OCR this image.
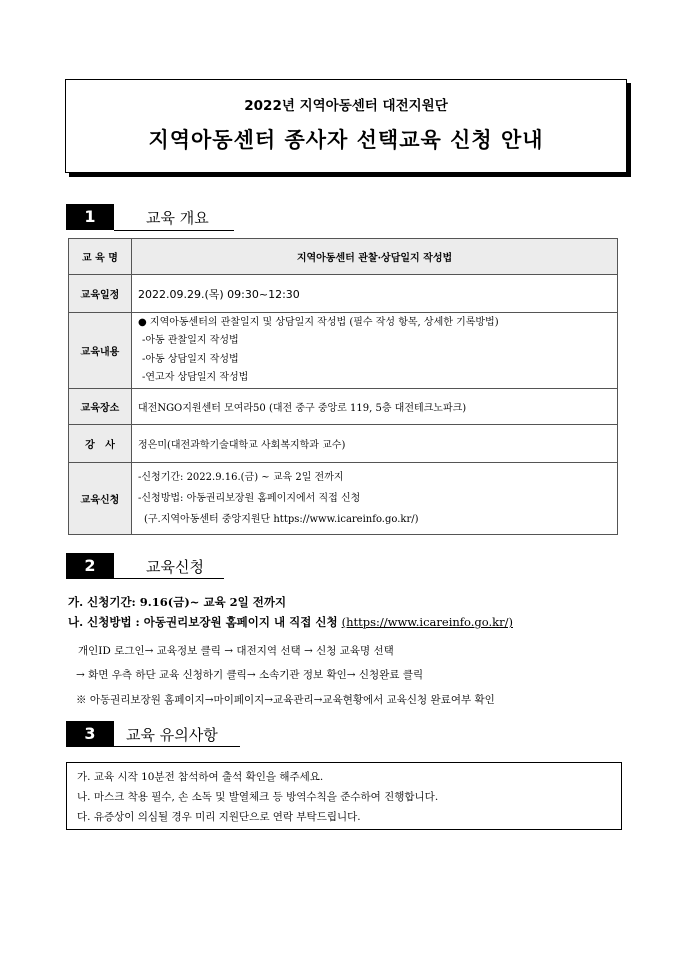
2022년 지역아동센터 대전지원단
지역아동센터 종사자 선택교육 신청 안내
1	교육 개요
교 육 명	지역아동센터 관찰·상담일지 작성법
교육일정	2022.09.29.(목) 09:30~12:30
교육내용	● 지역아동센터의 관찰일지 및 상담일지 작성법 (필수 작성 항목, 상세한 기록방법)
-아동 관찰일지 작성법
-아동 상담일지 작성법
-연고자 상담일지 작성법

교육장소	대전NGO지원센터 모여라50 (대전 중구 중앙로 119, 5층 대전테크노파크)
강   사	정은미(대전과학기술대학교 사회복지학과 교수)
교육신청	-신청기간: 2022.9.16.(금) ~ 교육 2일 전까지
-신청방법: 아동권리보장원 홈페이지에서 직접 신청
(구.지역아동센터 중앙지원단 https://www.icareinfo.go.kr/)
2	교육신청
가. 신청기간: 9.16(금)~ 교육 2일 전까지
나. 신청방법 : 아동권리보장원 홈페이지 내 직접 신청 (https://www.icareinfo.go.kr/)
개인ID 로그인→ 교육정보 클릭 → 대전지역 선택 → 신청 교육명 선택
→ 화면 우측 하단 교육 신청하기 클릭→ 소속기관 정보 확인→ 신청완료 클릭
※ 아동권리보장원 홈페이지→마이페이지→교육관리→교육현황에서 교육신청 완료여부 확인
3	교육 유의사항
가. 교육 시작 10분전 참석하여 출석 확인을 해주세요.
나. 마스크 착용 필수, 손 소독 및 발열체크 등 방역수칙을 준수하여 진행합니다.
다. 유증상이 의심될 경우 미리 지원단으로 연락 부탁드립니다.
